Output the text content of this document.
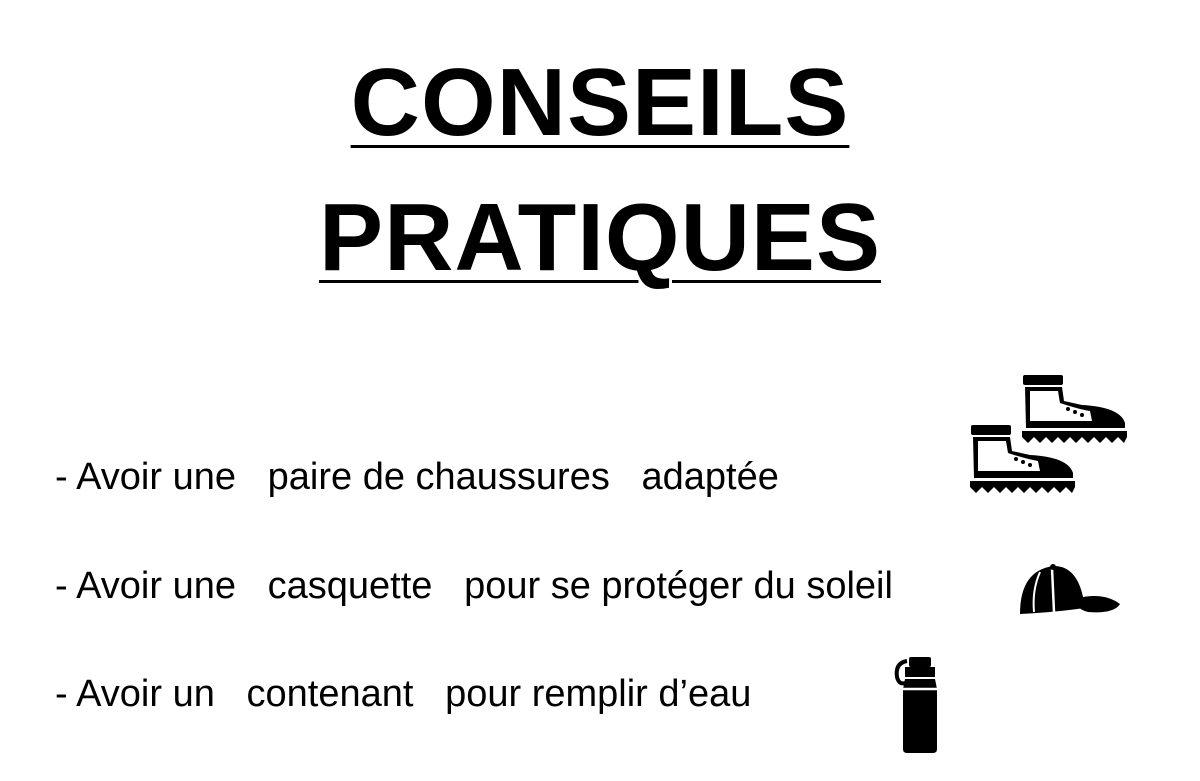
CONSEILS
PRATIQUES
- Avoir une   paire de chaussures   adaptée
- Avoir une   casquette   pour se protéger du soleil
- Avoir un   contenant   pour remplir d’eau
